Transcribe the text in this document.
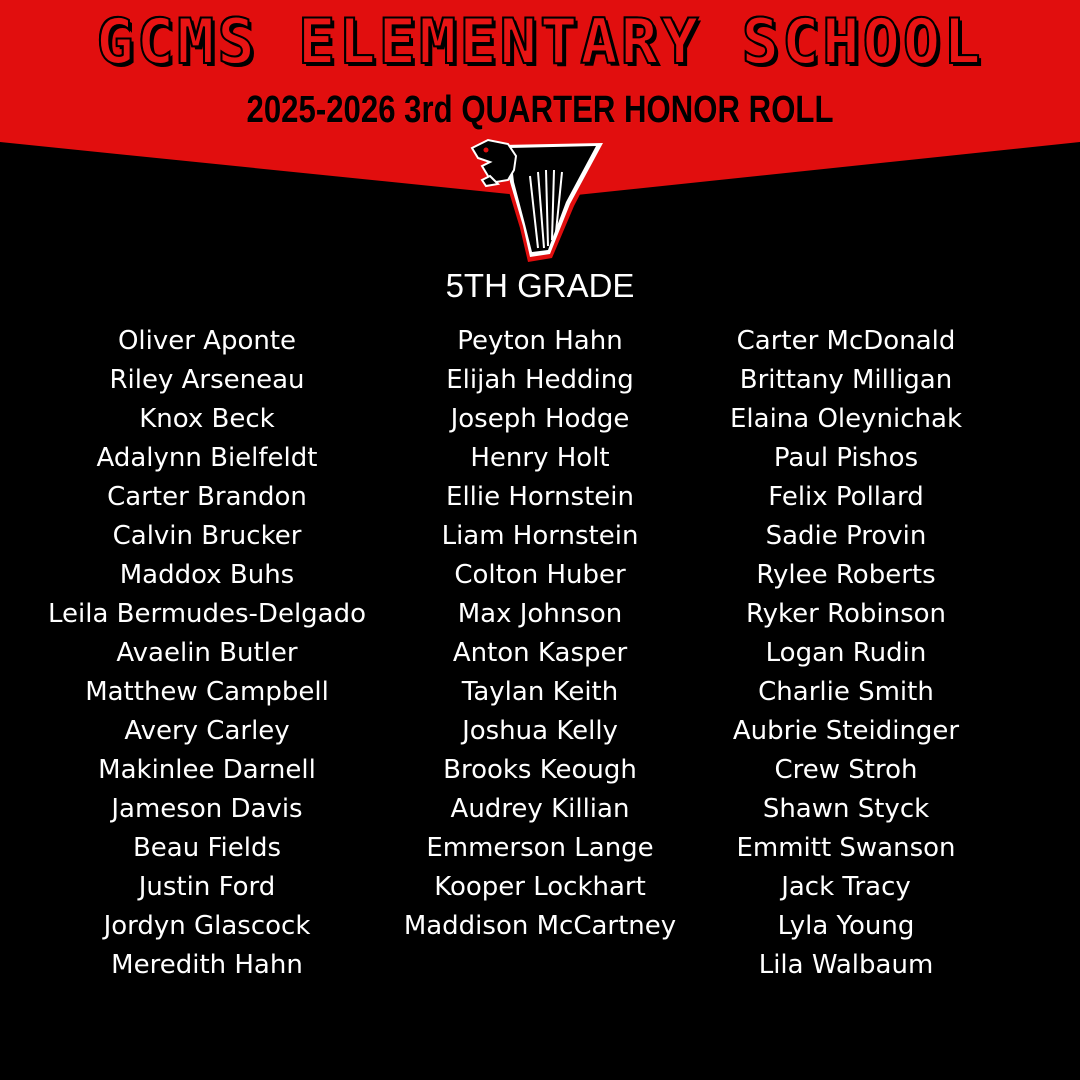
GCMS ELEMENTARY SCHOOL
2025-2026 3rd QUARTER HONOR ROLL
5TH GRADE
Oliver Aponte
Riley Arseneau
Knox Beck
Adalynn Bielfeldt
Carter Brandon
Calvin Brucker
Maddox Buhs
Leila Bermudes-Delgado
Avaelin Butler
Matthew Campbell
Avery Carley
Makinlee Darnell
Jameson Davis
Beau Fields
Justin Ford
Jordyn Glascock
Meredith Hahn
Peyton Hahn
Elijah Hedding
Joseph Hodge
Henry Holt
Ellie Hornstein
Liam Hornstein
Colton Huber
Max Johnson
Anton Kasper
Taylan Keith
Joshua Kelly
Brooks Keough
Audrey Killian
Emmerson Lange
Kooper Lockhart
Maddison McCartney
Carter McDonald
Brittany Milligan
Elaina Oleynichak
Paul Pishos
Felix Pollard
Sadie Provin
Rylee Roberts
Ryker Robinson
Logan Rudin
Charlie Smith
Aubrie Steidinger
Crew Stroh
Shawn Styck
Emmitt Swanson
Jack Tracy
Lyla Young
Lila Walbaum
